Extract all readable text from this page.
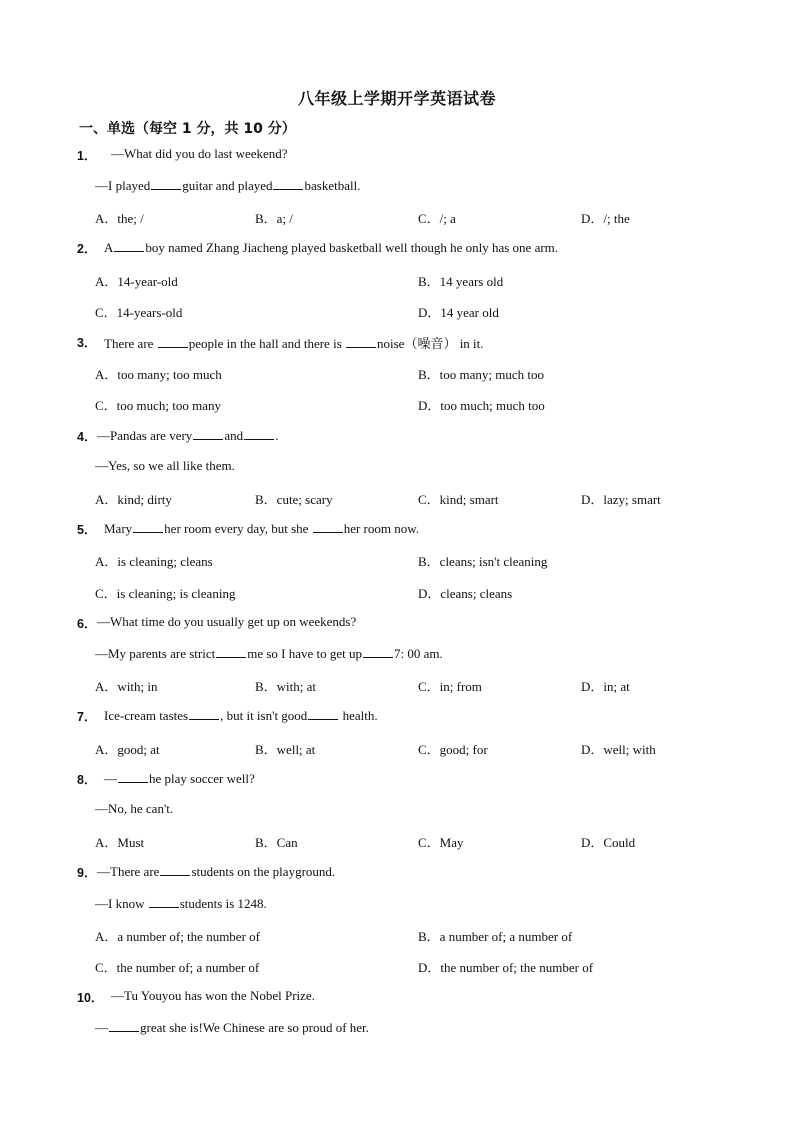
八年级上学期开学英语试卷
一、单选（每空 1 分，共 10 分）
1． —What did you do last weekend?
—I played guitar and played basketball.
A．the; /	B．a; /	C．/; a	D．/; the
2． A boy named Zhang Jiacheng played basketball well though he only has one arm.
A．14-year-old	B．14 years old
C．14-years-old	D．14 year old
3． There are	people in the hall and there is	noise（噪音） in it.
A．too many; too much	B．too many; much too
C．too much; too many	D．too much; much too
4． —Pandas are very and .
—Yes, so we all like them.
A．kind; dirty	B．cute; scary	C．kind; smart	D．lazy; smart
5． Mary her room every day, but she	her room now.
A．is cleaning; cleans	B．cleans; isn't cleaning
C．is cleaning; is cleaning	D．cleans; cleans
6． —What time do you usually get up on weekends?
—My parents are strict me so I have to get up 7: 00 am.
A．with; in	B．with; at	C．in; from	D．in; at
7． Ice-cream tastes , but it isn't good	health.
A．good; at	B．well; at	C．good; for	D．well; with
8． — he play soccer well?
—No, he can't.
A．Must	B．Can	C．May	D．Could
9． —There are students on the playground.
—I know	students is 1248.
A．a number of; the number of	B．a number of; a number of
C．the number of; a number of	D．the number of; the number of
10． —Tu Youyou has won the Nobel Prize.
— great she is!We Chinese are so proud of her.
